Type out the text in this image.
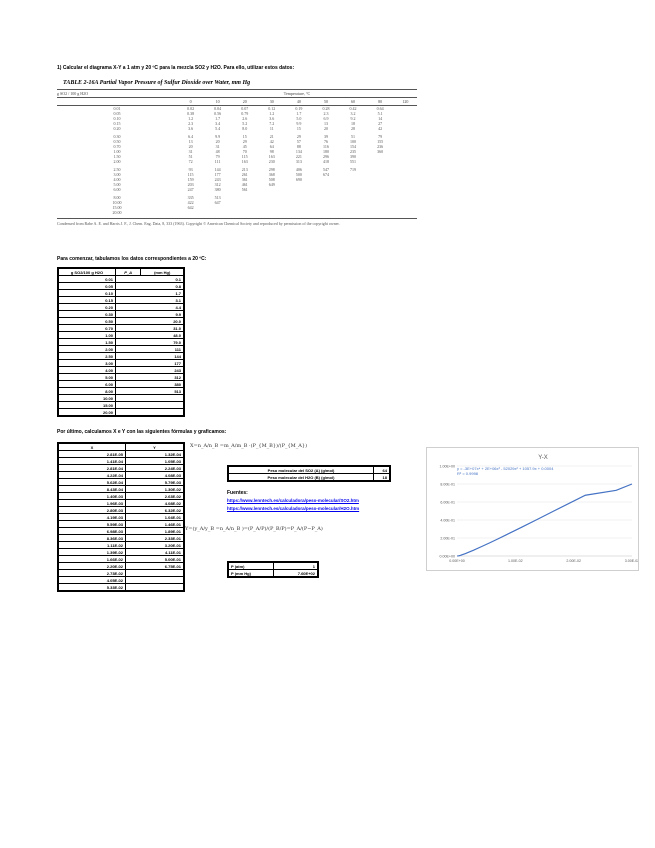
1) Calcular el diagrama X-Y a 1 atm y 20 ºC para la mezcla SO2 y H2O. Para ello, utilizar estos datos:
TABLE 2-16A Partial Vapor Pressure of Sulfur Dioxide over Water, mm Hg
g SO2 / 100 g H2O	Temperature, °C								
	0	10	20	30	40	50	60	80	120
0.01	0.02	0.04	0.07	0.12	0.19	0.28	0.42	0.64	
0.05	0.38	0.56	0.79	1.2	1.7	2.3	3.2	5.1	
0.10	1.2	1.7	2.6	3.6	5.0	6.9	9.2	14	
0.15	2.3	3.4	5.2	7.2	9.9	13	18	27	
0.20	3.6	5.4	8.0	11	15	20	28	42	

0.30	6.4	9.9	15	21	29	39	51	79	
0.50	13	20	29	42	57	76	100	155	
0.70	20	31	45	64	88	116	154	236	
1.00	31	48	70	98	134	180	235	360	
1.50	51	79	115	163	221	296	390		
2.00	72	111	163	230	313	418	551		

2.50	93	144	213	298	406	547	719		
3.00	115	177	261	368	500	674			
4.00	159	243	361	508	690				
5.00	203	312	461	649					
6.00	247	380	561						

8.00	335	513							
10.00	422	647							
15.00	642								
20.00									
Condensed from Rabe A. E. and Harris J. F., J. Chem. Eng. Data, 8, 333 (1963). Copyright © American Chemical Society and reproduced by permission of the copyright owner.
Para comenzar, tabulamos los datos correspondientes a 20 ºC:
g SO2/100 g H2O	P_A	(mm Hg)
0.01	0.1	
0.05	0.8	
0.10	1.7	
0.15	3.1	
0.20	4.4	
0.30	9.9	
0.50	20.0	
0.70	31.0	
1.00	48.0	
1.50	79.0	
2.00	111	
2.50	144	
3.00	177	
4.00	243	
5.00	312	
6.00	380	
8.00	513	
10.00		
15.00		
20.00		
Por último, calculamos X e Y con las siguientes fórmulas y graficamos:
X	Y
2.81E-05	1.32E-04
1.41E-04	1.05E-03
2.81E-04	2.24E-03
4.22E-04	4.08E-03
5.62E-04	5.79E-03
8.43E-04	1.30E-02
1.40E-03	2.63E-02
1.96E-03	4.08E-02
2.80E-03	6.32E-02
4.19E-03	1.04E-01
5.59E-03	1.46E-01
6.98E-03	1.89E-01
8.36E-03	2.33E-01
1.11E-02	3.20E-01
1.39E-02	4.11E-01
1.66E-02	5.00E-01
2.20E-02	6.75E-01
2.73E-02	
4.05E-02	
5.33E-02	
X=n_A/n_B =m_A/m_B ·(P_{M_B})/(P_{M_A})
Y=(y_A/y_B =n_A/n_B )=(P_A/P)/(P_B/P)=P_A/(P−P_A)
Peso molecular del SO2 (A) (g/mol)	64
Peso molecular del H2O (B) (g/mol)	18
Fuentes:
https://www.lenntech.es/calculadora/peso-molecular/SO2.htm
https://www.lenntech.es/calculadora/peso-molecular/H2O.htm
P (atm)	1
P (mm Hg)	7.60E+02
Y-X
1.00E+00
8.00E-01
6.00E-01
4.00E-01
2.00E-01
0.00E+00
0.00E+00	1.00E-02	2.00E-02	3.00E-02
y = -3E+07x⁴ + 2E+06x³ - 52029x² + 1057.9x + 0.0004
R² = 0.9998
